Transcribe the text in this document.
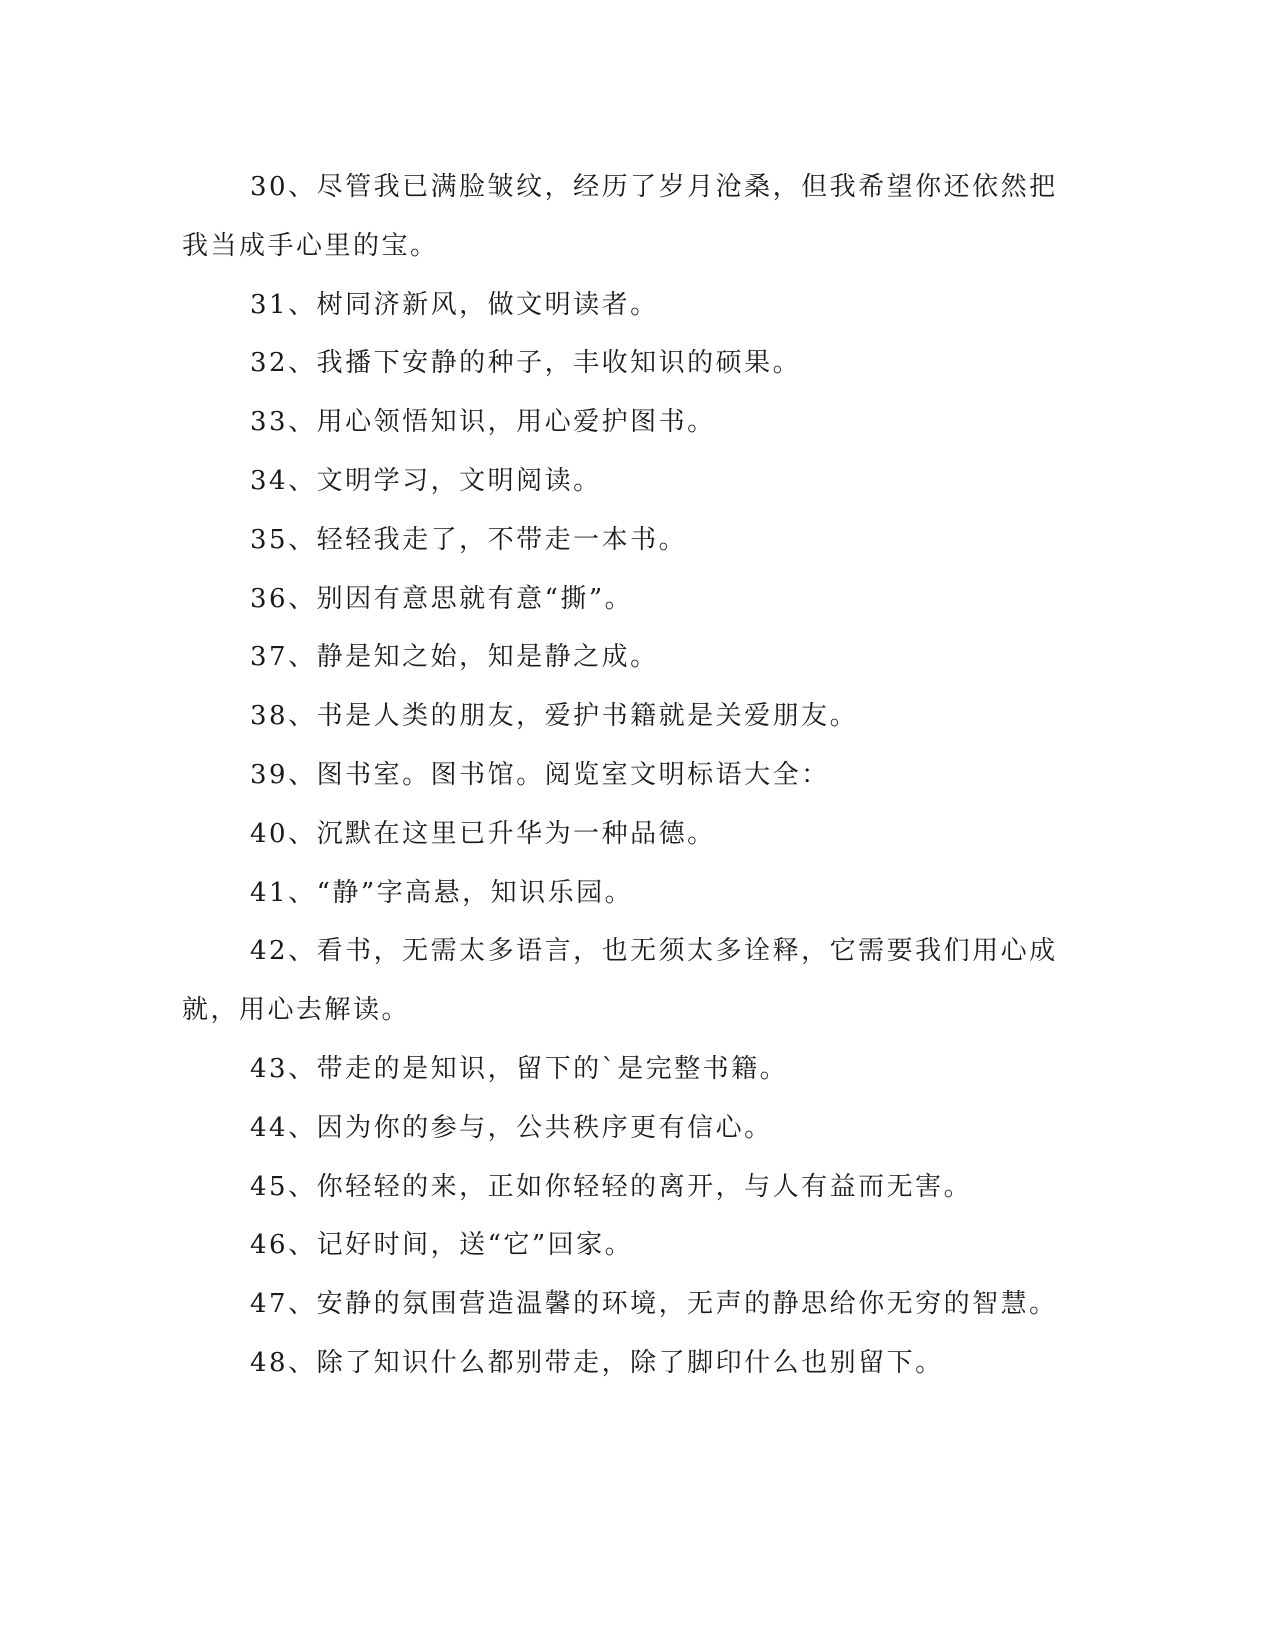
30、尽管我已满脸皱纹，经历了岁月沧桑，但我希望你还依然把我当成手心里的宝。

31、树同济新风，做文明读者。

32、我播下安静的种子，丰收知识的硕果。

33、用心领悟知识，用心爱护图书。

34、文明学习，文明阅读。

35、轻轻我走了，不带走一本书。

36、别因有意思就有意“撕”。

37、静是知之始，知是静之成。

38、书是人类的朋友，爱护书籍就是关爱朋友。

39、图书室。图书馆。阅览室文明标语大全：

40、沉默在这里已升华为一种品德。

41、“静”字高悬，知识乐园。

42、看书，无需太多语言，也无须太多诠释，它需要我们用心成就，用心去解读。

43、带走的是知识，留下的`是完整书籍。

44、因为你的参与，公共秩序更有信心。

45、你轻轻的来，正如你轻轻的离开，与人有益而无害。

46、记好时间，送“它”回家。

47、安静的氛围营造温馨的环境，无声的静思给你无穷的智慧。

48、除了知识什么都别带走，除了脚印什么也别留下。
